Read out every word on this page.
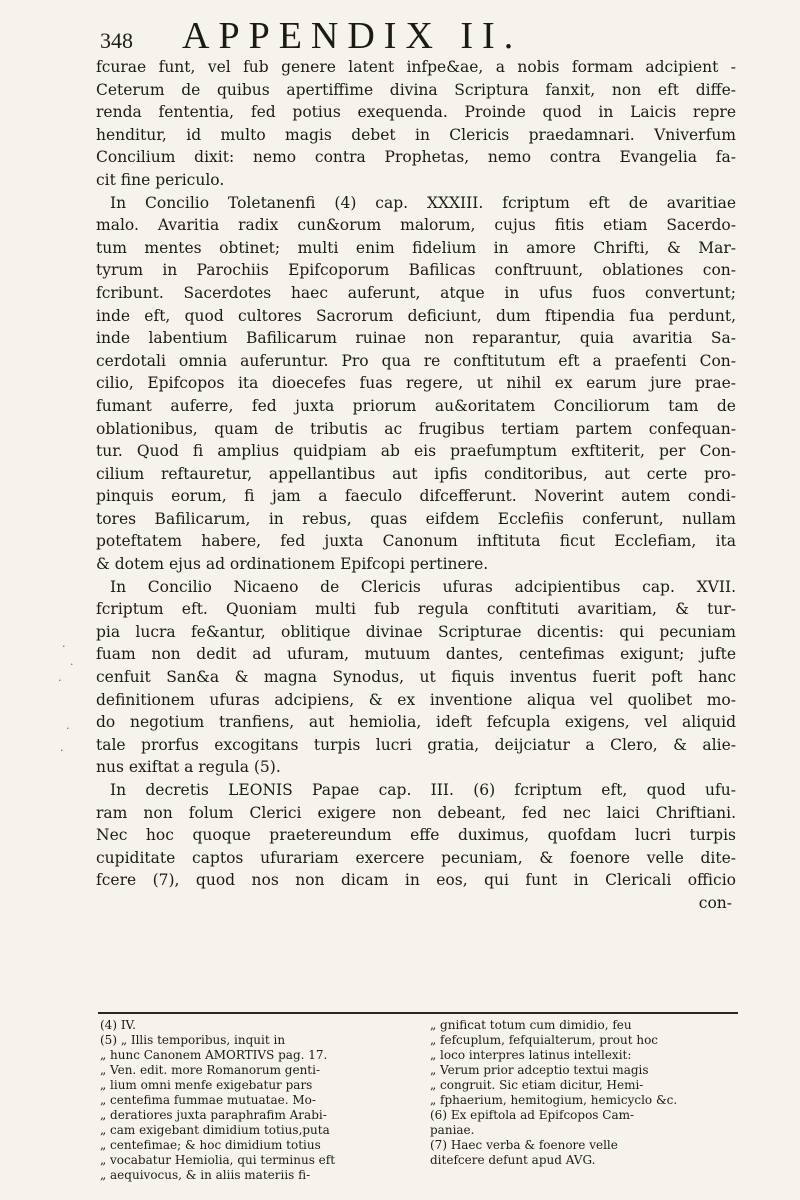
348 APPENDIX II.
fcurae funt, vel fub genere latent infpe&ae, a nobis formam adcipient -
Ceterum de quibus apertiffime divina Scriptura fanxit, non eft diffe-
renda fententia, fed potius exequenda. Proinde quod in Laicis repre
henditur, id multo magis debet in Clericis praedamnari. Vniverfum
Concilium dixit: nemo contra Prophetas, nemo contra Evangelia fa-
cit fine periculo.
In Concilio Toletanenfi (4) cap. XXXIII. fcriptum eft de avaritiae
malo. Avaritia radix cun&orum malorum, cujus fitis etiam Sacerdo-
tum mentes obtinet; multi enim fidelium in amore Chrifti, & Mar-
tyrum in Parochiis Epifcoporum Bafilicas conftruunt, oblationes con-
fcribunt. Sacerdotes haec auferunt, atque in ufus fuos convertunt;
inde eft, quod cultores Sacrorum deficiunt, dum ftipendia fua perdunt,
inde labentium Bafilicarum ruinae non reparantur, quia avaritia Sa-
cerdotali omnia auferuntur. Pro qua re conftitutum eft a praefenti Con-
cilio, Epifcopos ita dioecefes fuas regere, ut nihil ex earum jure prae-
fumant auferre, fed juxta priorum au&oritatem Conciliorum tam de
oblationibus, quam de tributis ac frugibus tertiam partem confequan-
tur. Quod fi amplius quidpiam ab eis praefumptum exftiterit, per Con-
cilium reftauretur, appellantibus aut ipfis conditoribus, aut certe pro-
pinquis eorum, fi jam a faeculo difcefferunt. Noverint autem condi-
tores Bafilicarum, in rebus, quas eifdem Ecclefiis conferunt, nullam
poteftatem habere, fed juxta Canonum inftituta ficut Ecclefiam, ita
& dotem ejus ad ordinationem Epifcopi pertinere.
In Concilio Nicaeno de Clericis ufuras adcipientibus cap. XVII.
fcriptum eft. Quoniam multi fub regula conftituti avaritiam, & tur-
pia lucra fe&antur, oblitique divinae Scripturae dicentis: qui pecuniam
fuam non dedit ad ufuram, mutuum dantes, centefimas exigunt; jufte
cenfuit San&a & magna Synodus, ut fiquis inventus fuerit poft hanc
definitionem ufuras adcipiens, & ex inventione aliqua vel quolibet mo-
do negotium tranfiens, aut hemiolia, ideft fefcupla exigens, vel aliquid
tale prorfus excogitans turpis lucri gratia, deijciatur a Clero, & alie-
nus exiftat a regula (5).
In decretis LEONIS Papae cap. III. (6) fcriptum eft, quod ufu-
ram non folum Clerici exigere non debeant, fed nec laici Chriftiani.
Nec hoc quoque praetereundum effe duximus, quofdam lucri turpis
cupiditate captos ufurariam exercere pecuniam, & foenore velle dite-
fcere (7), quod nos non dicam in eos, qui funt in Clericali officio
con-
·
·
·
·
·
(4) IV.
(5) „ Illis temporibus, inquit in
„ hunc Canonem AMORTIVS pag. 17.
„ Ven. edit. more Romanorum genti-
„ lium omni menfe exigebatur pars
„ centefima fummae mutuatae. Mo-
„ deratiores juxta paraphrafim Arabi-
„ cam exigebant dimidium totius,puta
„ centefimae; & hoc dimidium totius
„ vocabatur Hemiolia, qui terminus eft
„ aequivocus, & in aliis materiis fi-
„ gnificat totum cum dimidio, feu
„ fefcuplum, fefquialterum, prout hoc
„ loco interpres latinus intellexit:
„ Verum prior adceptio textui magis
„ congruit. Sic etiam dicitur, Hemi-
„ fphaerium, hemitogium, hemicyclo &c.
(6) Ex epiftola ad Epifcopos Cam-
paniae.
(7) Haec verba & foenore velle
ditefcere defunt apud AVG.
